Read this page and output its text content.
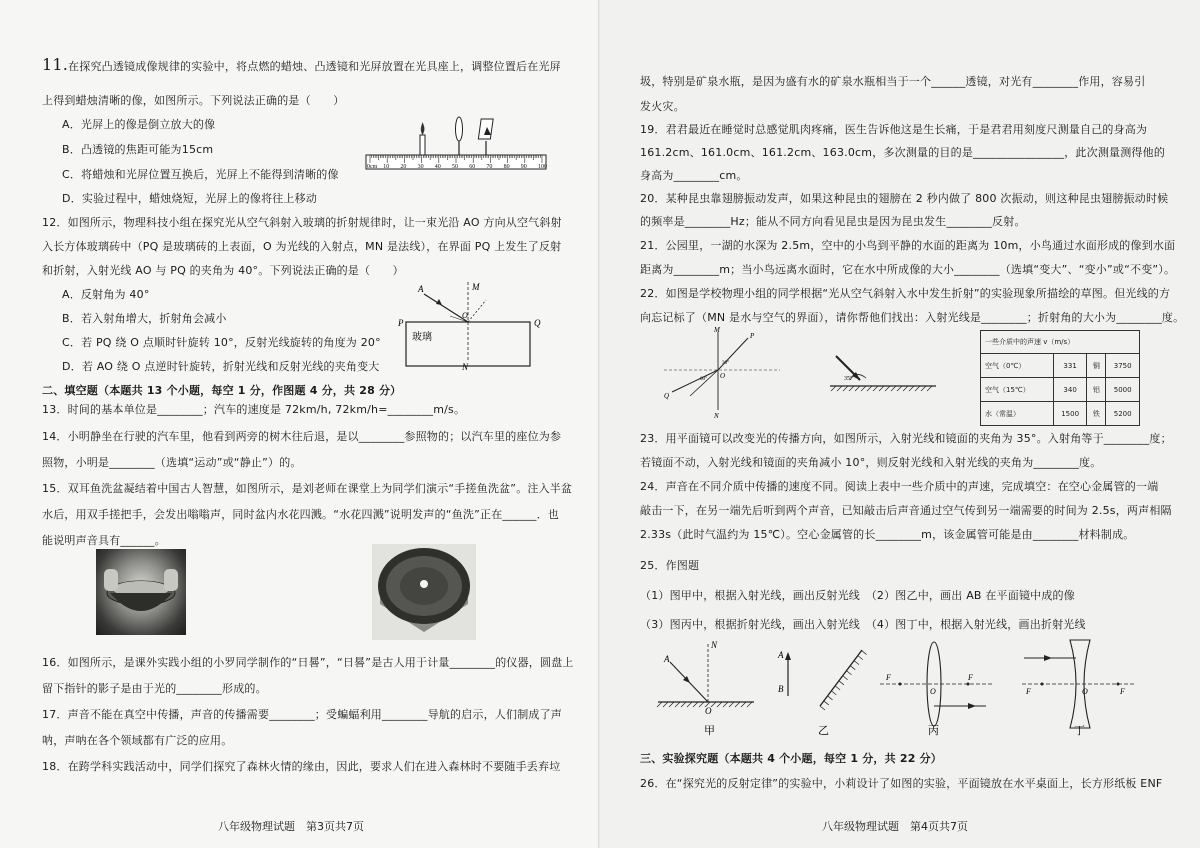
11.在探究凸透镜成像规律的实验中，将点燃的蜡烛、凸透镜和光屏放置在光具座上，调整位置后在光屏
上得到蜡烛清晰的像，如图所示。下列说法正确的是（　　）
A．光屏上的像是倒立放大的像
B．凸透镜的焦距可能为15cm
C．将蜡烛和光屏位置互换后，光屏上不能得到清晰的像
D．实验过程中，蜡烛烧短，光屏上的像将往上移动
0cm 10 20 30 40 50 60 70 80 90 100
12．如图所示，物理科技小组在探究光从空气斜射入玻璃的折射规律时，让一束光沿 AO 方向从空气斜射
入长方体玻璃砖中（PQ 是玻璃砖的上表面，O 为光线的入射点，MN 是法线），在界面 PQ 上发生了反射
和折射，入射光线 AO 与 PQ 的夹角为 40°。下列说法正确的是（　　）
A．反射角为 40°
B．若入射角增大，折射角会减小
C．若 PQ 绕 O 点顺时针旋转 10°，反射光线旋转的角度为 20°
D．若 AO 绕 O 点逆时针旋转，折射光线和反射光线的夹角变大
A	M
P
O
Q
N
玻璃
二、填空题（本题共 13 个小题，每空 1 分，作图题 4 分，共 28 分）
13．时间的基本单位是________；汽车的速度是 72km/h, 72km/h=________m/s。
14．小明静坐在行驶的汽车里，他看到两旁的树木往后退，是以________参照物的；以汽车里的座位为参
照物，小明是________（选填“运动”或“静止”）的。
15．双耳鱼洗盆凝结着中国古人智慧，如图所示，是刘老师在课堂上为同学们演示“手搓鱼洗盆”。注入半盆
水后，用双手搓把手，会发出嗡嗡声，同时盆内水花四溅。“水花四溅”说明发声的“鱼洗”正在______．也
能说明声音具有______。
16．如图所示，是课外实践小组的小罗同学制作的“日晷”，“日晷”是古人用于计量________的仪器，圆盘上
留下指针的影子是由于光的________形成的。
17．声音不能在真空中传播，声音的传播需要________；受蝙蝠利用________导航的启示，人们制成了声
呐，声呐在各个领域都有广泛的应用。
18．在跨学科实践活动中，同学们探究了森林火情的缘由，因此，要求人们在进入森林时不要随手丢弃垃
八年级物理试题　第3页共7页
圾，特别是矿泉水瓶，是因为盛有水的矿泉水瓶相当于一个______透镜，对光有________作用，容易引
发火灾。
19．君君最近在睡觉时总感觉肌肉疼痛，医生告诉他这是生长痛，于是君君用刻度尺测量自己的身高为
161.2cm、161.0cm、161.2cm、163.0cm，多次测量的目的是________________，此次测量测得他的
身高为________cm。
20．某种昆虫靠翅膀振动发声，如果这种昆虫的翅膀在 2 秒内做了 800 次振动，则这种昆虫翅膀振动时候
的频率是________Hz；能从不同方向看见昆虫是因为昆虫发生________反射。
21．公园里，一湖的水深为 2.5m，空中的小鸟到平静的水面的距离为 10m，小鸟通过水面形成的像到水面
距离为________m；当小鸟远离水面时，它在水中所成像的大小________（选填“变大”、“变小”或“不变”）。
22．如图是学校物理小组的同学根据“光从空气斜射入水中发生折射”的实验现象所描绘的草图。但光线的方
向忘记标了（MN 是水与空气的界面），请你帮他们找出：入射光线是________；折射角的大小为________度。
M
N
O
P
Q
30°
60°	35°
一些介质中的声速 v（m/s）			
空气（0℃）	331	铜	3750
空气（15℃）	340	铝	5000
水（常温）	1500	铁	5200
23．用平面镜可以改变光的传播方向，如图所示，入射光线和镜面的夹角为 35°。入射角等于________度；
若镜面不动，入射光线和镜面的夹角减小 10°，则反射光线和入射光线的夹角为________度。
24．声音在不同介质中传播的速度不同。阅读上表中一些介质中的声速，完成填空：在空心金属管的一端
敲击一下，在另一端先后听到两个声音，已知敲击后声音通过空气传到另一端需要的时间为 2.5s，两声相隔
2.33s（此时气温约为 15℃）。空心金属管的长________m，该金属管可能是由________材料制成。
25．作图题
（1）图甲中，根据入射光线，画出反射光线　（2）图乙中，画出 AB 在平面镜中成的像
（3）图丙中，根据折射光线，画出入射光线　（4）图丁中，根据入射光线，画出折射光线
A
N
O
A
B
F
O
F
F	O	F
甲	乙	丙	丁
三、实验探究题（本题共 4 个小题，每空 1 分，共 22 分）
26．在“探究光的反射定律”的实验中，小莉设计了如图的实验，平面镜放在水平桌面上，长方形纸板 ENF
八年级物理试题　第4页共7页
